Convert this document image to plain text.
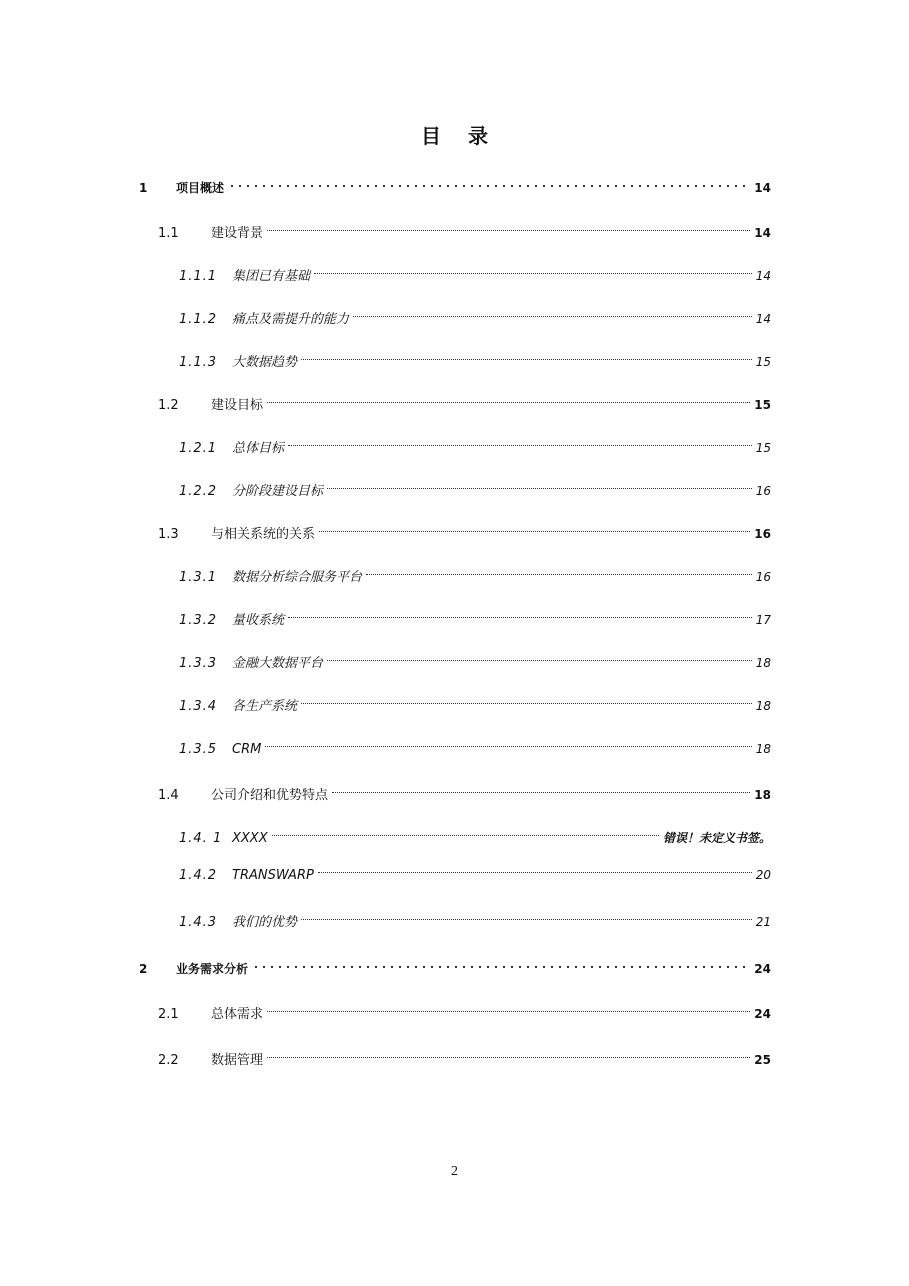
目 录
1	项目概述	14
1.1	建设背景	14
1.1.1	集团已有基础	14
1.1.2	痛点及需提升的能力	14
1.1.3	大数据趋势	15
1.2	建设目标	15
1.2.1	总体目标	15
1.2.2	分阶段建设目标	16
1.3	与相关系统的关系	16
1.3.1	数据分析综合服务平台	16
1.3.2	量收系统	17
1.3.3	金融大数据平台	18
1.3.4	各生产系统	18
1.3.5	CRM	18
1.4	公司介绍和优势特点	18
1.4. 1 XXXX	错误！未定义书签。
1.4.2	TRANSWARP	20
1.4.3	我们的优势	21
2	业务需求分析	24
2.1	总体需求	24
2.2	数据管理	25
2
